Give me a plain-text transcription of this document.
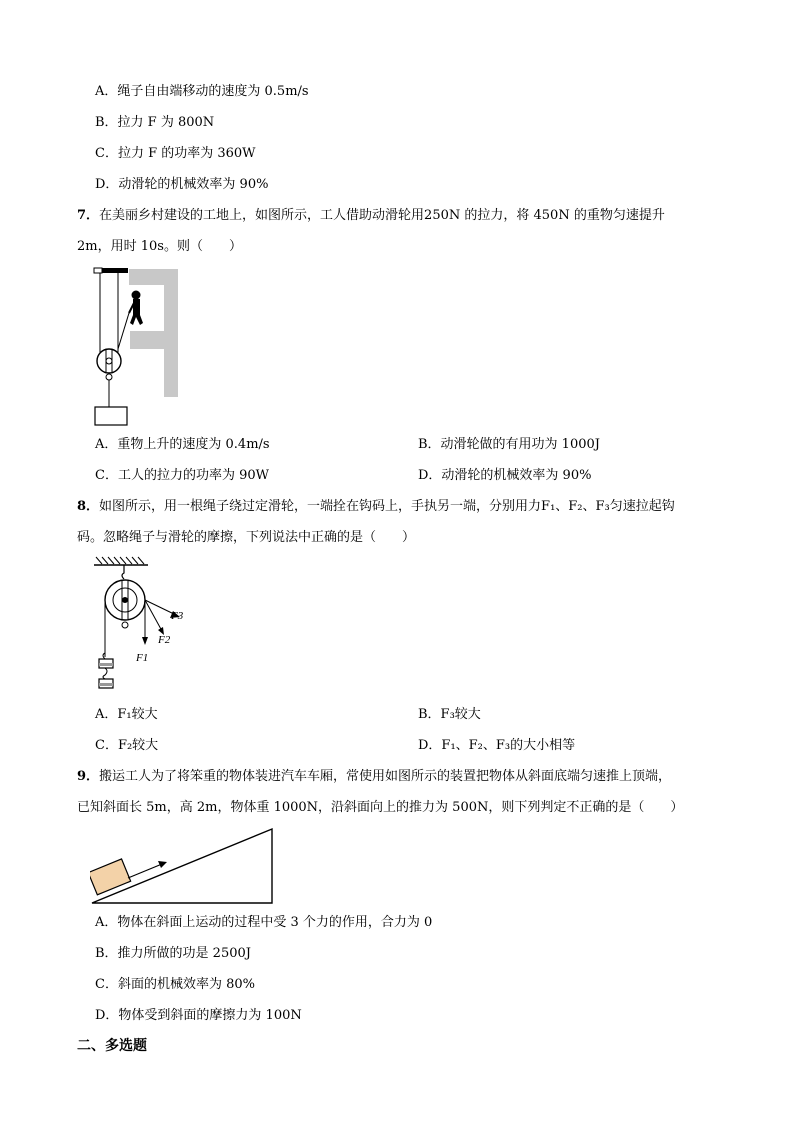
A．绳子自由端移动的速度为 0.5m/s
B．拉力 F 为 800N
C．拉力 F 的功率为 360W
D．动滑轮的机械效率为 90%
7．在美丽乡村建设的工地上，如图所示，工人借助动滑轮用250N 的拉力，将 450N 的重物匀速提升
2m，用时 10s。则（　　）
A．重物上升的速度为 0.4m/s	B．动滑轮做的有用功为 1000J
C．工人的拉力的功率为 90W	D．动滑轮的机械效率为 90%
8．如图所示，用一根绳子绕过定滑轮，一端拴在钩码上，手执另一端，分别用力F₁、F₂、F₃匀速拉起钩
码。忽略绳子与滑轮的摩擦，下列说法中正确的是（　　）
F3
F2
F1
A．F₁较大	B．F₃较大
C．F₂较大	D．F₁、F₂、F₃的大小相等
9．搬运工人为了将笨重的物体装进汽车车厢，常使用如图所示的装置把物体从斜面底端匀速推上顶端，
已知斜面长 5m，高 2m，物体重 1000N，沿斜面向上的推力为 500N，则下列判定不正确的是（　　）
A．物体在斜面上运动的过程中受 3 个力的作用，合力为 0
B．推力所做的功是 2500J
C．斜面的机械效率为 80%
D．物体受到斜面的摩擦力为 100N
二、多选题
